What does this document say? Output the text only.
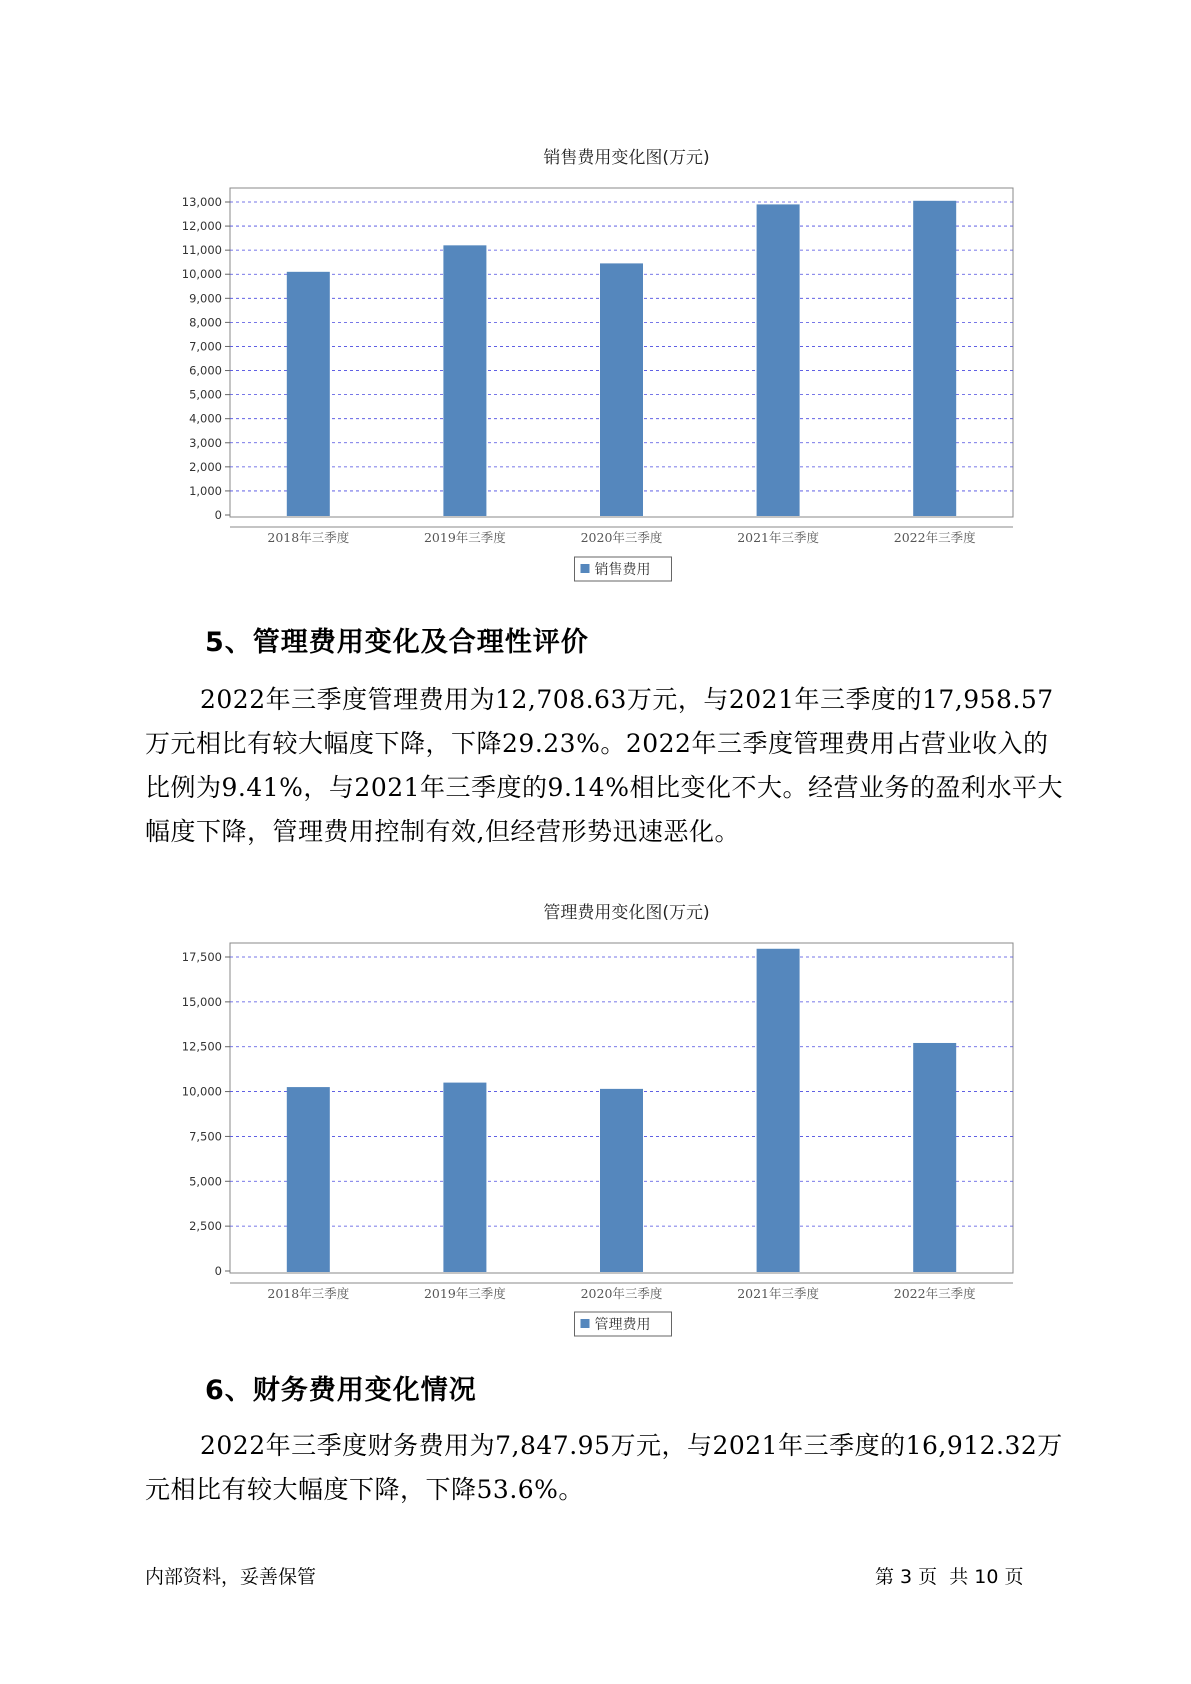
销售费用变化图(万元)
0
1,000
2,000
3,000
4,000
5,000
6,000
7,000
8,000
9,000
10,000
11,000
12,000
13,000
2018年三季度	2019年三季度	2020年三季度	2021年三季度	2022年三季度
销售费用
5、管理费用变化及合理性评价

2022年三季度管理费用为12,708.63万元，与2021年三季度的17,958.57万元相比有较大幅度下降，下降29.23%。2022年三季度管理费用占营业收入的比例为9.41%，与2021年三季度的9.14%相比变化不大。经营业务的盈利水平大幅度下降，管理费用控制有效,但经营形势迅速恶化。

管理费用变化图(万元)
0
2,500
5,000
7,500
10,000
12,500
15,000
17,500
2018年三季度	2019年三季度	2020年三季度	2021年三季度	2022年三季度
管理费用
6、财务费用变化情况

2022年三季度财务费用为7,847.95万元，与2021年三季度的16,912.32万元相比有较大幅度下降，下降53.6%。

内部资料，妥善保管	第 3 页  共 10 页
